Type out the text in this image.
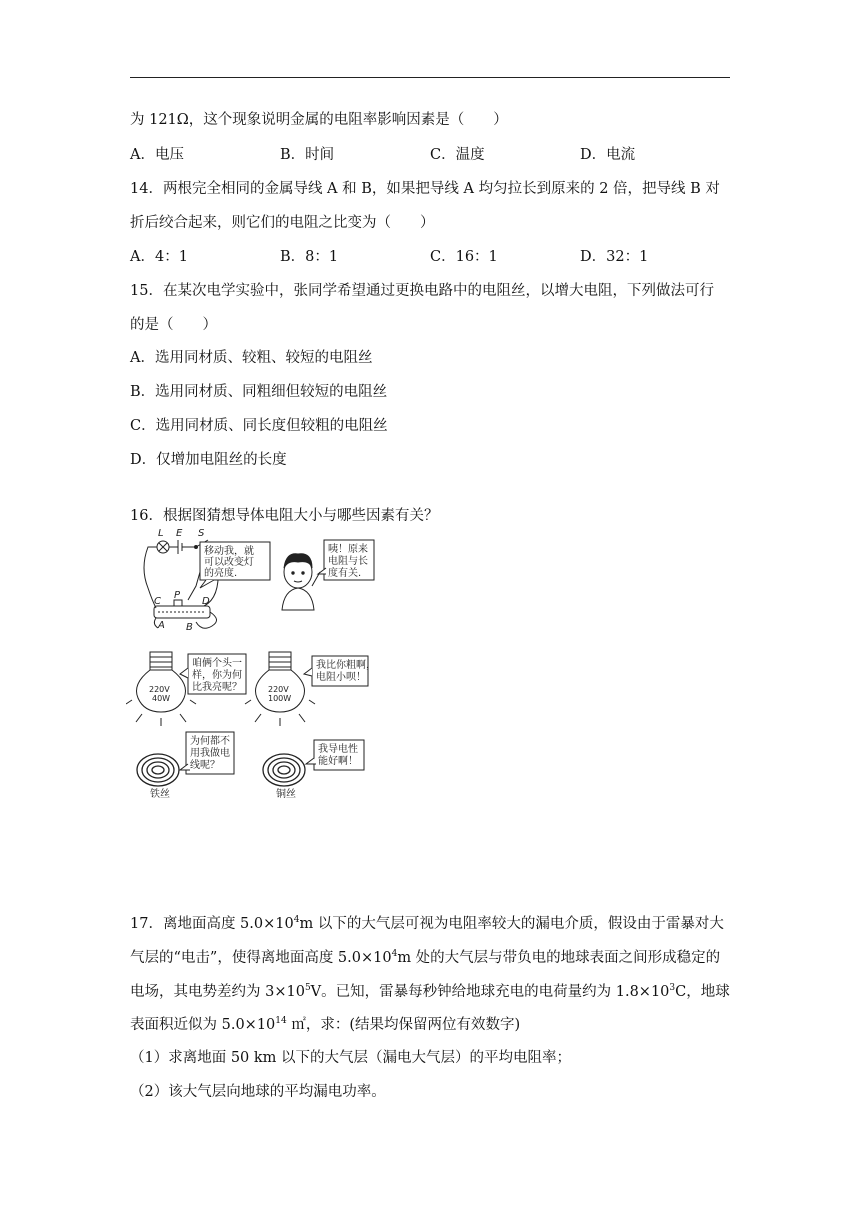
为 121Ω，这个现象说明金属的电阻率影响因素是（　　）
A．电压	B．时间	C．温度	D．电流
14．两根完全相同的金属导线 A 和 B，如果把导线 A 均匀拉长到原来的 2 倍，把导线 B 对
折后绞合起来，则它们的电阻之比变为（　　）
A．4：1	B．8：1	C．16：1	D．32：1
15．在某次电学实验中，张同学希望通过更换电路中的电阻丝，以增大电阻，下列做法可行
的是（　　）
A．选用同材质、较粗、较短的电阻丝
B．选用同材质、同粗细但较短的电阻丝
C．选用同材质、同长度但较粗的电阻丝
D．仅增加电阻丝的长度
16．根据图猜想导体电阻大小与哪些因素有关？
L E S
C
P
D
A B
移动我，就
可以改变灯
的亮度.
咦！原来
电阻与长
度有关.
220V
40W
咱俩个头一
样，你为何
比我亮呢？	220V
100W
我比你粗啊，
电阻小呗！
铁丝
为何都不
用我做电
线呢？
铜丝
我导电性
能好啊！
17．离地面高度 $5.0\times 10^4m$ 以下的大气层可视为电阻率较大的漏电介质，假设由于雷暴对大
气层的“电击”，使得离地面高度 $5.0\times 10^4m$ 处的大气层与带负电的地球表面之间形成稳定的
电场，其电势差约为 $3\times 10^5V$。已知，雷暴每秒钟给地球充电的电荷量约为 $1.8\times 10^3C$，地球
表面积近似为 $5.0\times 10^{14}$ ㎡，求：(结果均保留两位有效数字)
（1）求离地面 50 km 以下的大气层（漏电大气层）的平均电阻率；
（2）该大气层向地球的平均漏电功率。
